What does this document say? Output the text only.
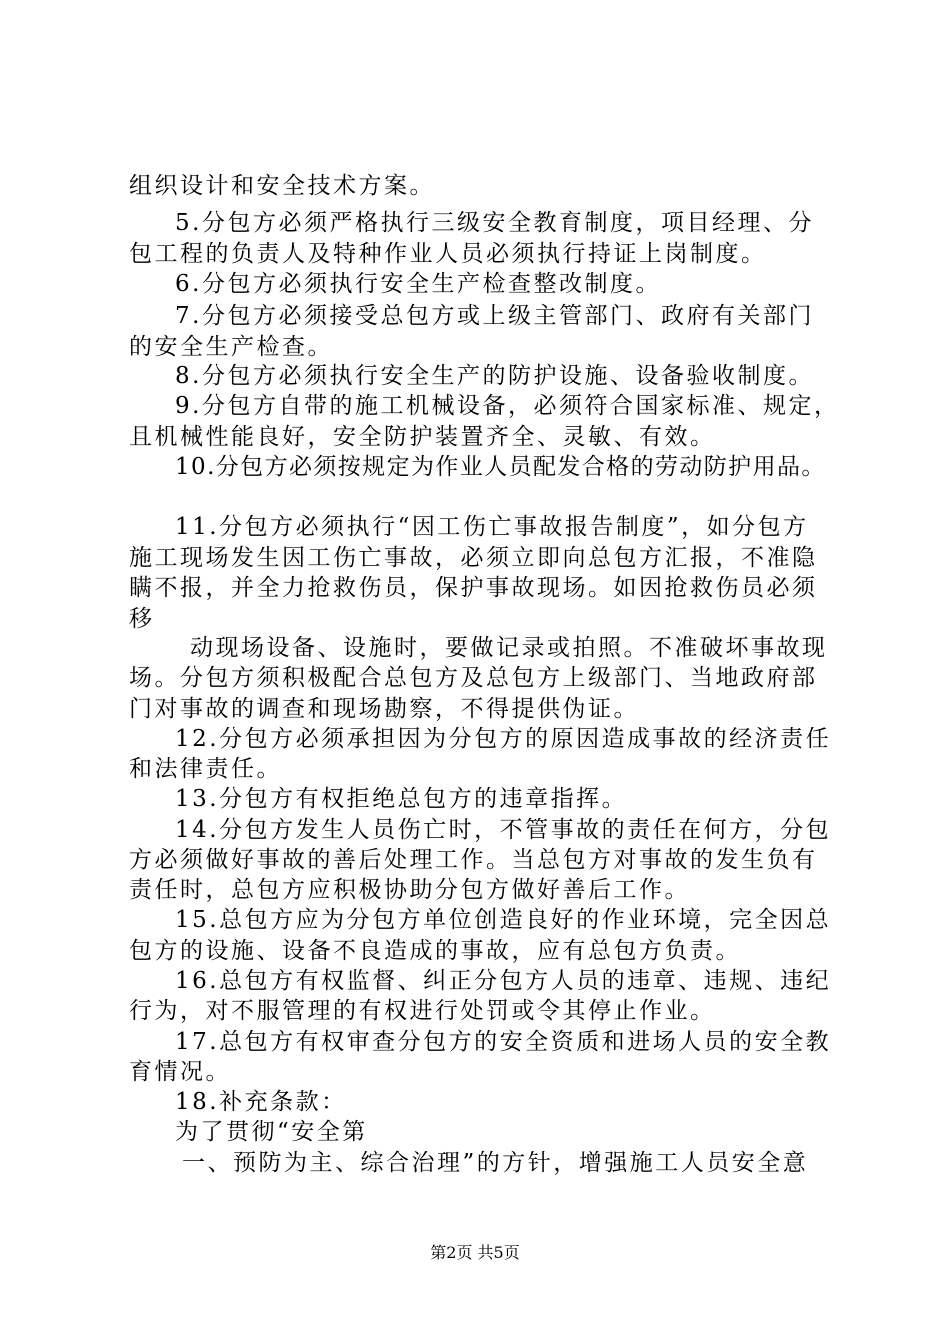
组织设计和安全技术方案。
5.分包方必须严格执行三级安全教育制度，项目经理、分
包工程的负责人及特种作业人员必须执行持证上岗制度。
6.分包方必须执行安全生产检查整改制度。
7.分包方必须接受总包方或上级主管部门、政府有关部门
的安全生产检查。
8.分包方必须执行安全生产的防护设施、设备验收制度。
9.分包方自带的施工机械设备，必须符合国家标准、规定，
且机械性能良好，安全防护装置齐全、灵敏、有效。
10.分包方必须按规定为作业人员配发合格的劳动防护用品。
11.分包方必须执行“因工伤亡事故报告制度”，如分包方
施工现场发生因工伤亡事故，必须立即向总包方汇报，不准隐
瞒不报，并全力抢救伤员，保护事故现场。如因抢救伤员必须
移
动现场设备、设施时，要做记录或拍照。不准破坏事故现
场。分包方须积极配合总包方及总包方上级部门、当地政府部
门对事故的调查和现场勘察，不得提供伪证。
12.分包方必须承担因为分包方的原因造成事故的经济责任
和法律责任。
13.分包方有权拒绝总包方的违章指挥。
14.分包方发生人员伤亡时，不管事故的责任在何方，分包
方必须做好事故的善后处理工作。当总包方对事故的发生负有
责任时，总包方应积极协助分包方做好善后工作。
15.总包方应为分包方单位创造良好的作业环境，完全因总
包方的设施、设备不良造成的事故，应有总包方负责。
16.总包方有权监督、纠正分包方人员的违章、违规、违纪
行为，对不服管理的有权进行处罚或令其停止作业。
17.总包方有权审查分包方的安全资质和进场人员的安全教
育情况。
18.补充条款：
为了贯彻“安全第
一、预防为主、综合治理”的方针，增强施工人员安全意
第2页 共5页
